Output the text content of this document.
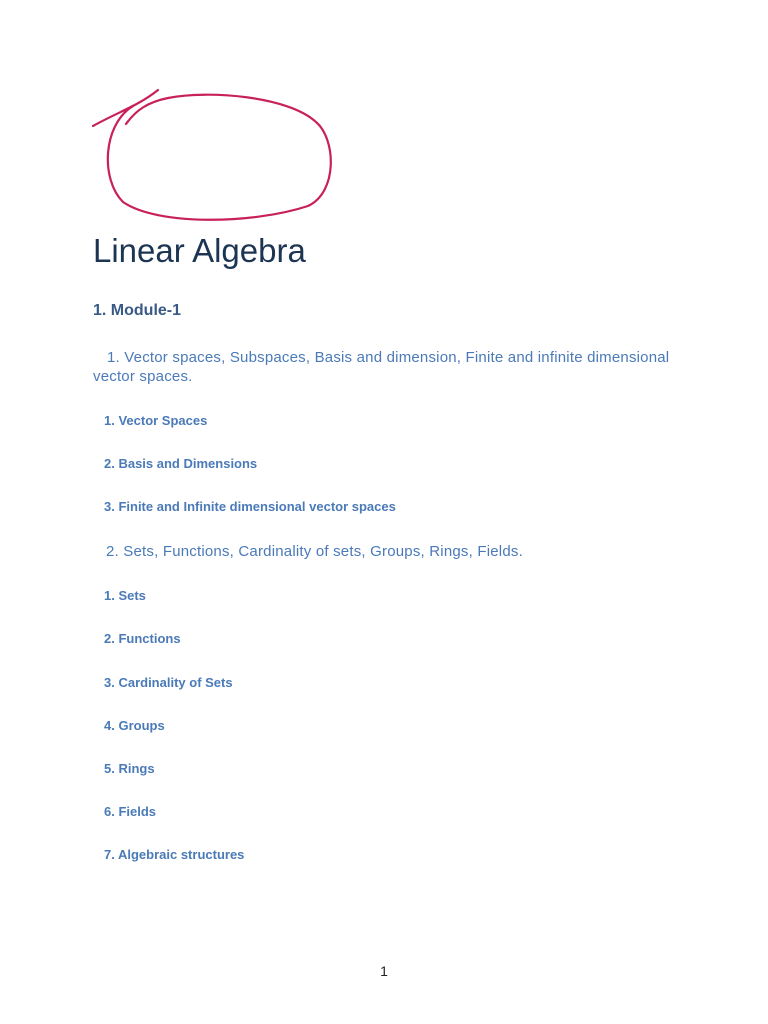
Linear Algebra
1. Module-1

1. Vector spaces, Subspaces, Basis and dimension, Finite and infinite dimensional vector spaces.

1. Vector Spaces

2. Basis and Dimensions

3. Finite and Infinite dimensional vector spaces

2. Sets, Functions, Cardinality of sets, Groups, Rings, Fields.

1. Sets

2. Functions

3. Cardinality of Sets

4. Groups

5. Rings

6. Fields

7. Algebraic structures

1
